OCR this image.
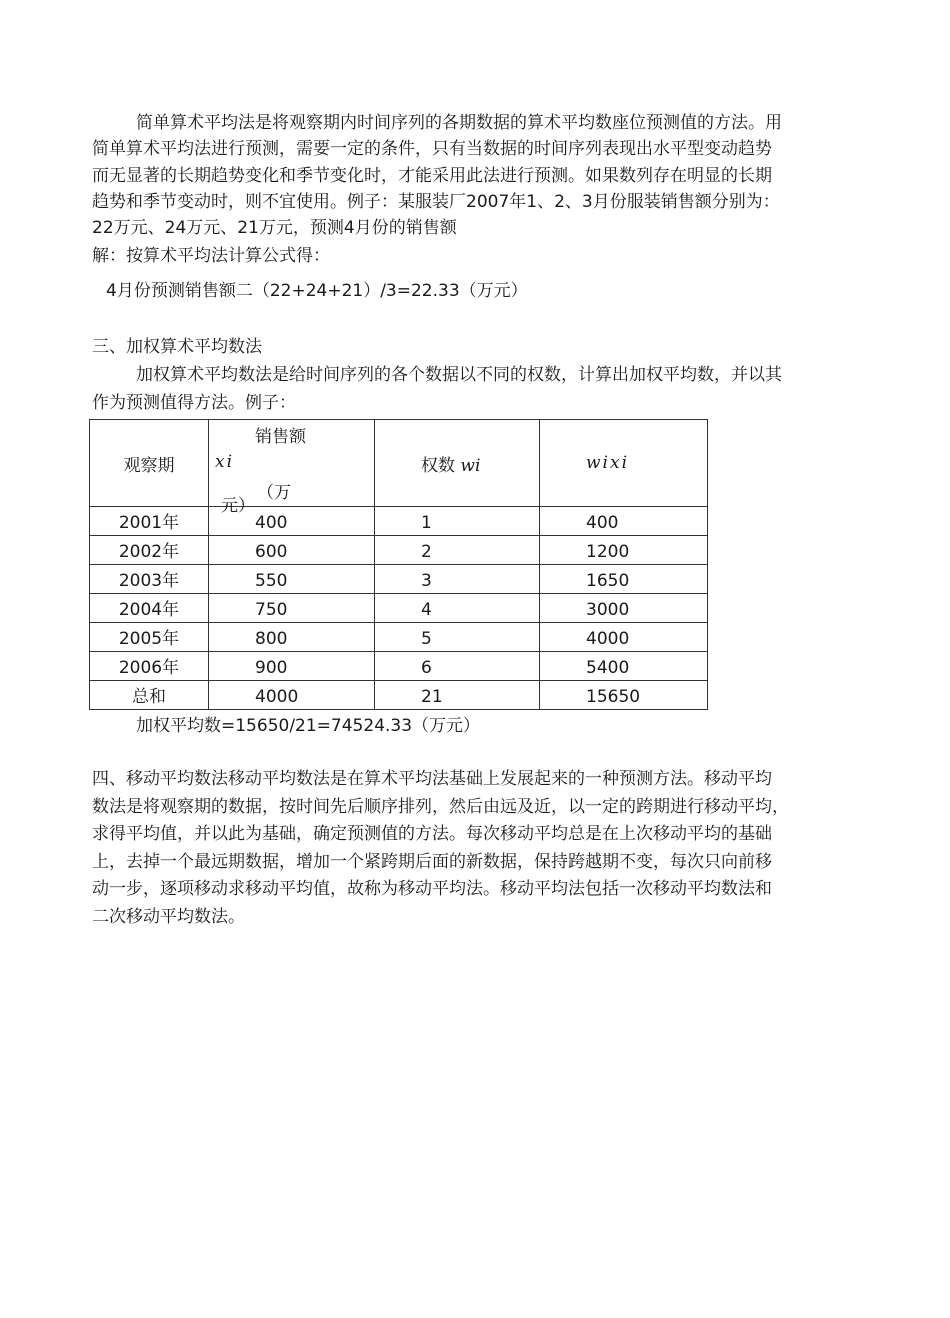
简单算术平均法是将观察期内时间序列的各期数据的算术平均数座位预测值的方法。用
简单算术平均法进行预测，需要一定的条件，只有当数据的时间序列表现出水平型变动趋势
而无显著的长期趋势变化和季节变化时，才能采用此法进行预测。如果数列存在明显的长期
趋势和季节变动时，则不宜使用。例子：某服装厂2007年1、2、3月份服装销售额分别为：
22万元、24万元、21万元，预测4月份的销售额
解：按算术平均法计算公式得：
4月份预测销售额二（22+24+21）/3=22.33（万元）
三、加权算术平均数法
加权算术平均数法是给时间序列的各个数据以不同的权数，计算出加权平均数，并以其
作为预测值得方法。例子：
观察期	销售额
xi
（万
元）	权数 wi	wixi

2001年	400	1	400

2002年	600	2	1200

2003年	550	3	1650

2004年	750	4	3000

2005年	800	5	4000

2006年	900	6	5400

总和	4000	21	15650
加权平均数=15650/21=74524.33（万元）
四、移动平均数法移动平均数法是在算术平均法基础上发展起来的一种预测方法。移动平均
数法是将观察期的数据，按时间先后顺序排列，然后由远及近，以一定的跨期进行移动平均，
求得平均值，并以此为基础，确定预测值的方法。每次移动平均总是在上次移动平均的基础
上，去掉一个最远期数据，增加一个紧跨期后面的新数据，保持跨越期不变，每次只向前移
动一步，逐项移动求移动平均值，故称为移动平均法。移动平均法包括一次移动平均数法和
二次移动平均数法。
